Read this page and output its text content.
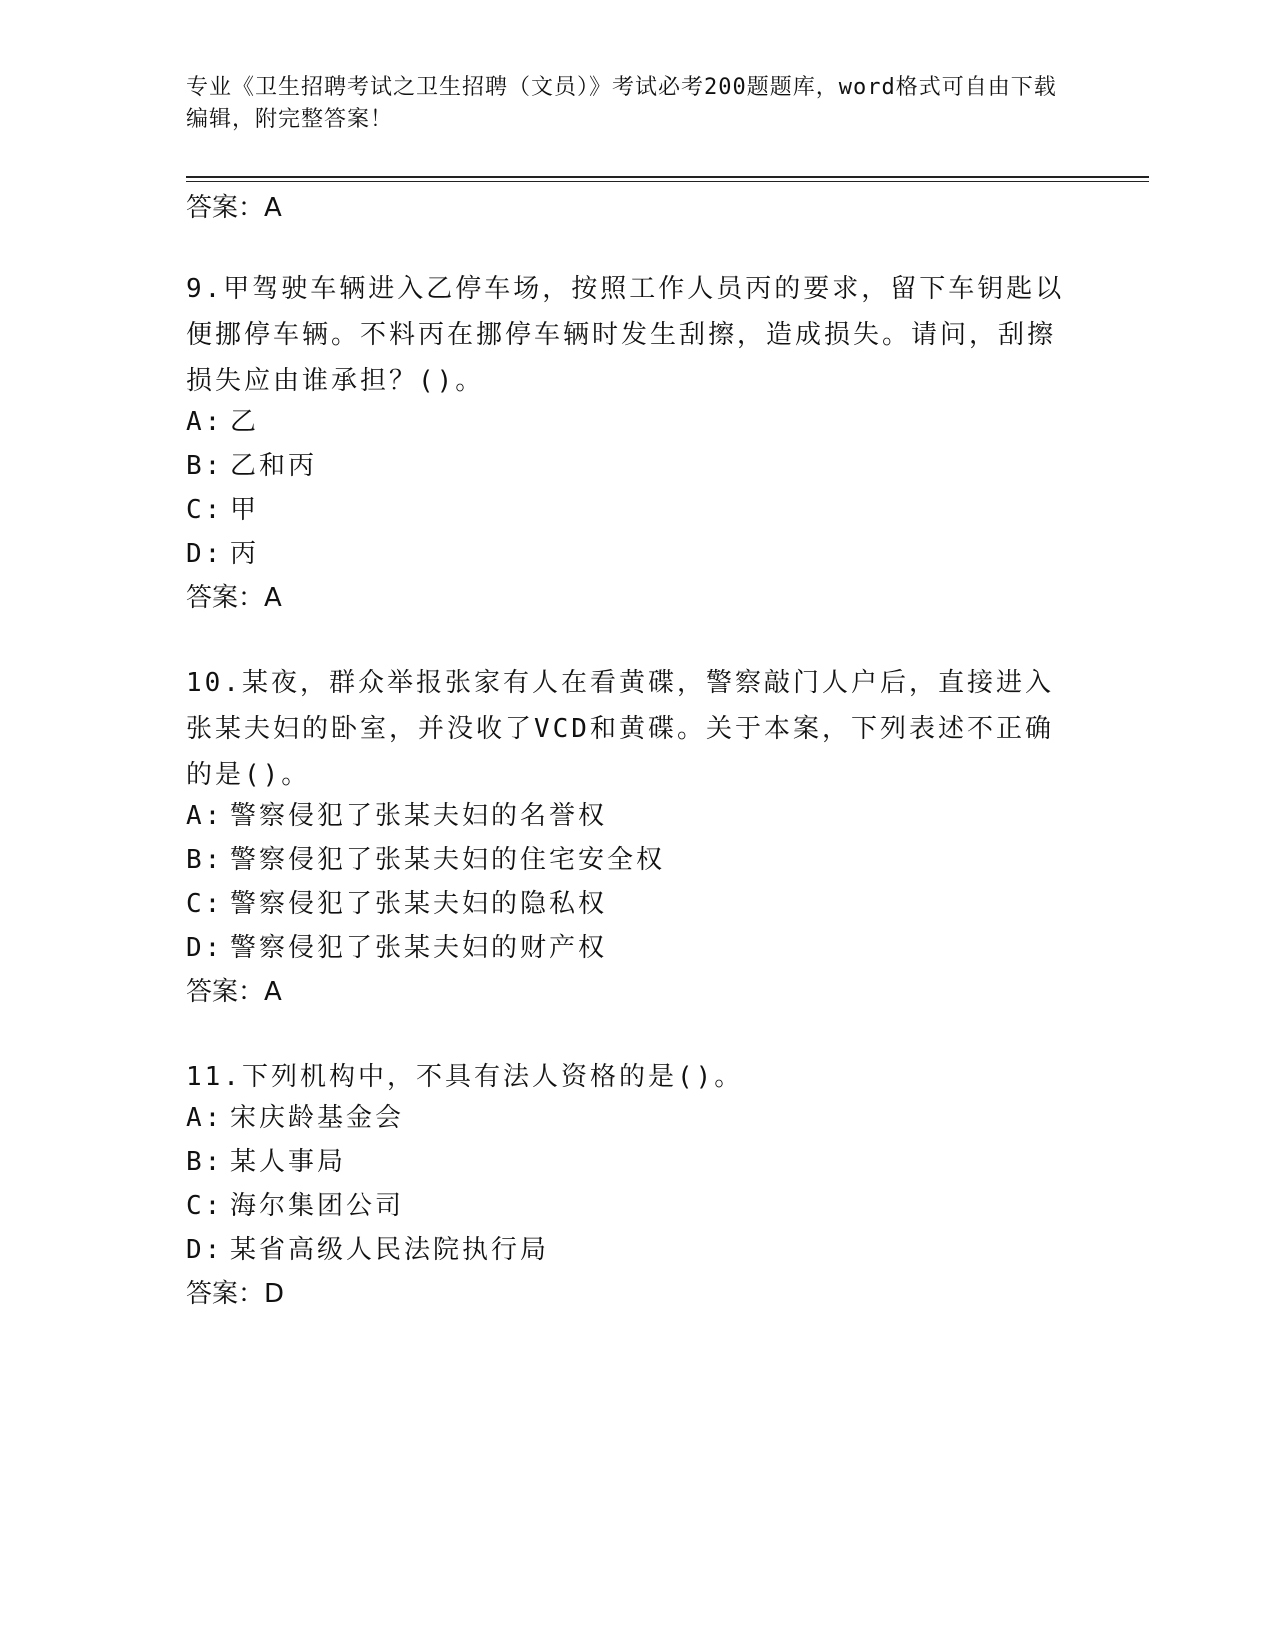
专业《卫生招聘考试之卫生招聘（文员）》考试必考200题题库，word格式可自由下载编辑，附完整答案！
答案：A
9.甲驾驶车辆进入乙停车场，按照工作人员丙的要求，留下车钥匙以便挪停车辆。不料丙在挪停车辆时发生刮擦，造成损失。请问，刮擦损失应由谁承担？()。
A: 乙
B: 乙和丙
C: 甲
D: 丙
答案：A
10.某夜，群众举报张家有人在看黄碟，警察敲门人户后，直接进入张某夫妇的卧室，并没收了VCD和黄碟。关于本案，下列表述不正确的是()。
A: 警察侵犯了张某夫妇的名誉权
B: 警察侵犯了张某夫妇的住宅安全权
C: 警察侵犯了张某夫妇的隐私权
D: 警察侵犯了张某夫妇的财产权
答案：A
11.下列机构中，不具有法人资格的是()。
A: 宋庆龄基金会
B: 某人事局
C: 海尔集团公司
D: 某省高级人民法院执行局
答案：D
